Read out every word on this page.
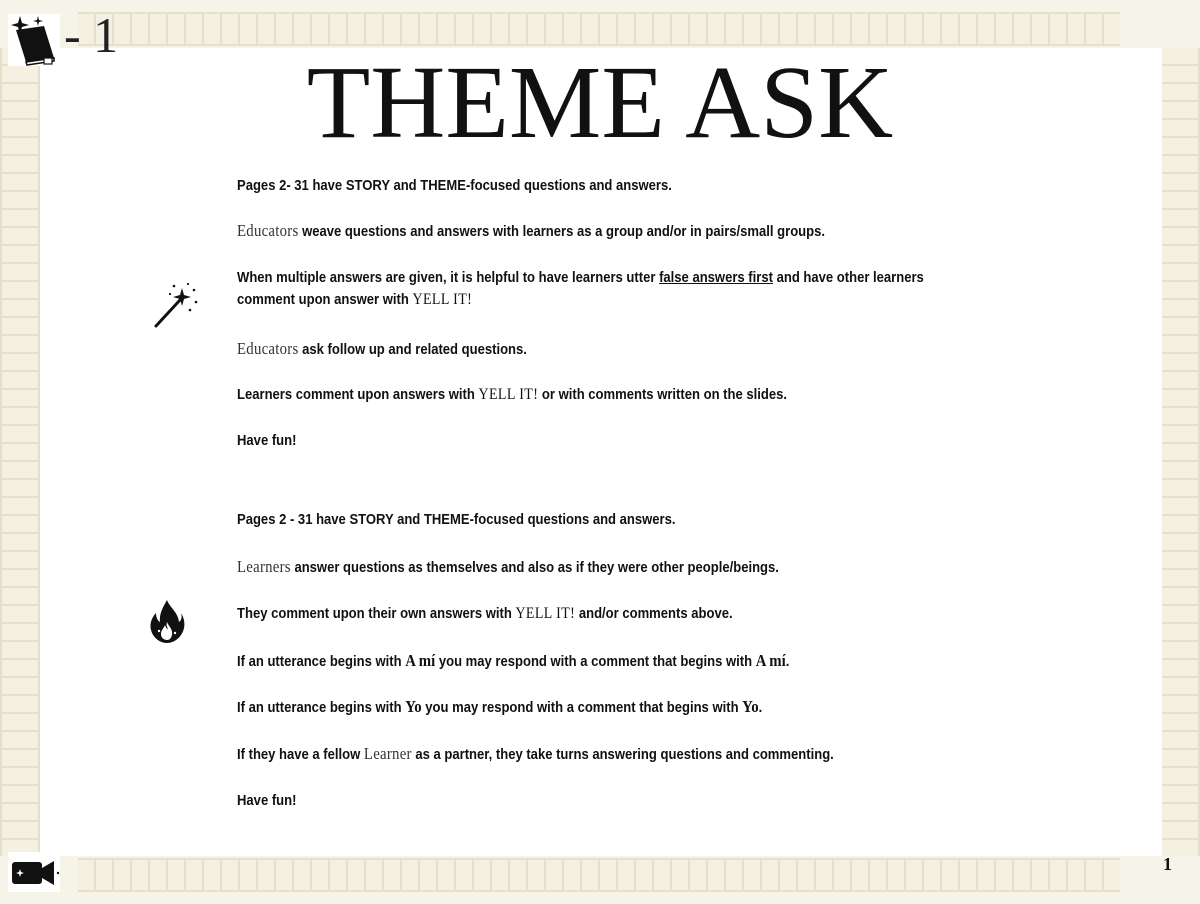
- 1
THEME ASK

Pages 2- 31 have STORY and THEME-focused questions and answers.

Educators weave questions and answers with learners as a group and/or in pairs/small groups.

When multiple answers are given, it is helpful to have learners utter false answers first and have other learners
comment upon answer with YELL IT!

Educators ask follow up and related questions.

Learners comment upon answers with YELL IT! or with comments written on the slides.

Have fun!

Pages 2 - 31 have STORY and THEME-focused questions and answers.

Learners answer questions as themselves and also as if they were other people/beings.

They comment upon their own answers with YELL IT! and/or comments above.

If an utterance begins with A mí you may respond with a comment that begins with A mí.

If an utterance begins with Yo you may respond with a comment that begins with Yo.

If they have a fellow Learner as a partner, they take turns answering questions and commenting.

Have fun!

1
